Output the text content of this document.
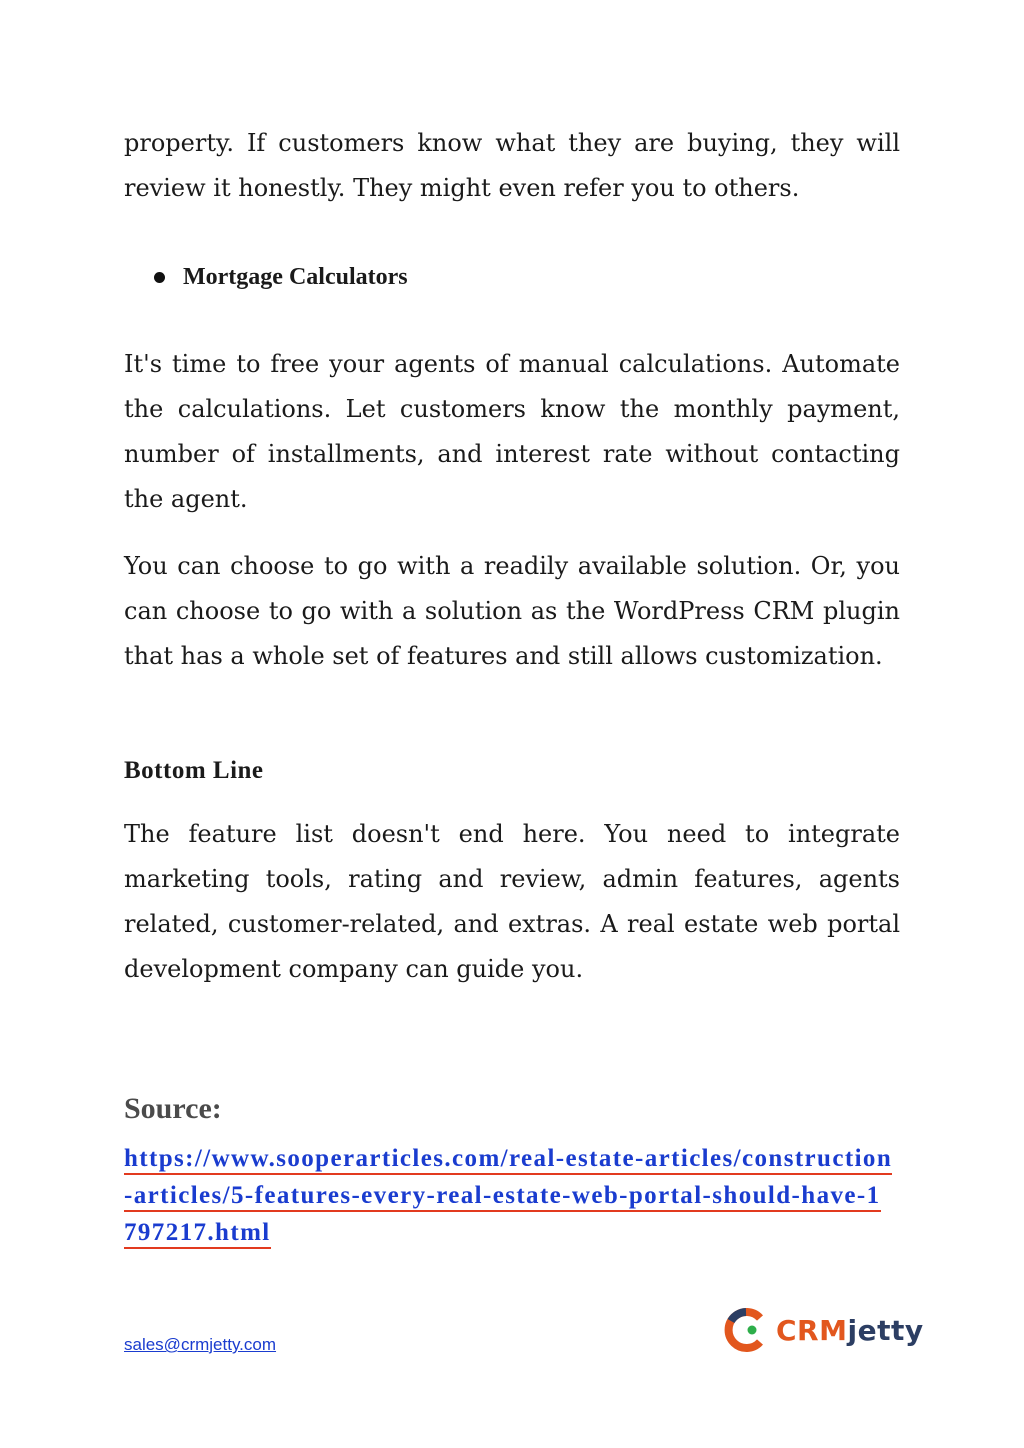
property. If customers know what they are buying, they will review it honestly. They might even refer you to others.

Mortgage Calculators

It's time to free your agents of manual calculations. Automate the calculations. Let customers know the monthly payment, number of installments, and interest rate without contacting the agent.

You can choose to go with a readily available solution. Or, you can choose to go with a solution as the WordPress CRM plugin that has a whole set of features and still allows customization.

Bottom Line

The feature list doesn't end here. You need to integrate marketing tools, rating and review, admin features, agents related, customer-related, and extras. A real estate web portal development company can guide you.

Source:
https://www.sooperarticles.com/real-estate-articles/construction-articles/5-features-every-real-estate-web-portal-should-have-1797217.html
sales@crmjetty.com	CRMjetty
